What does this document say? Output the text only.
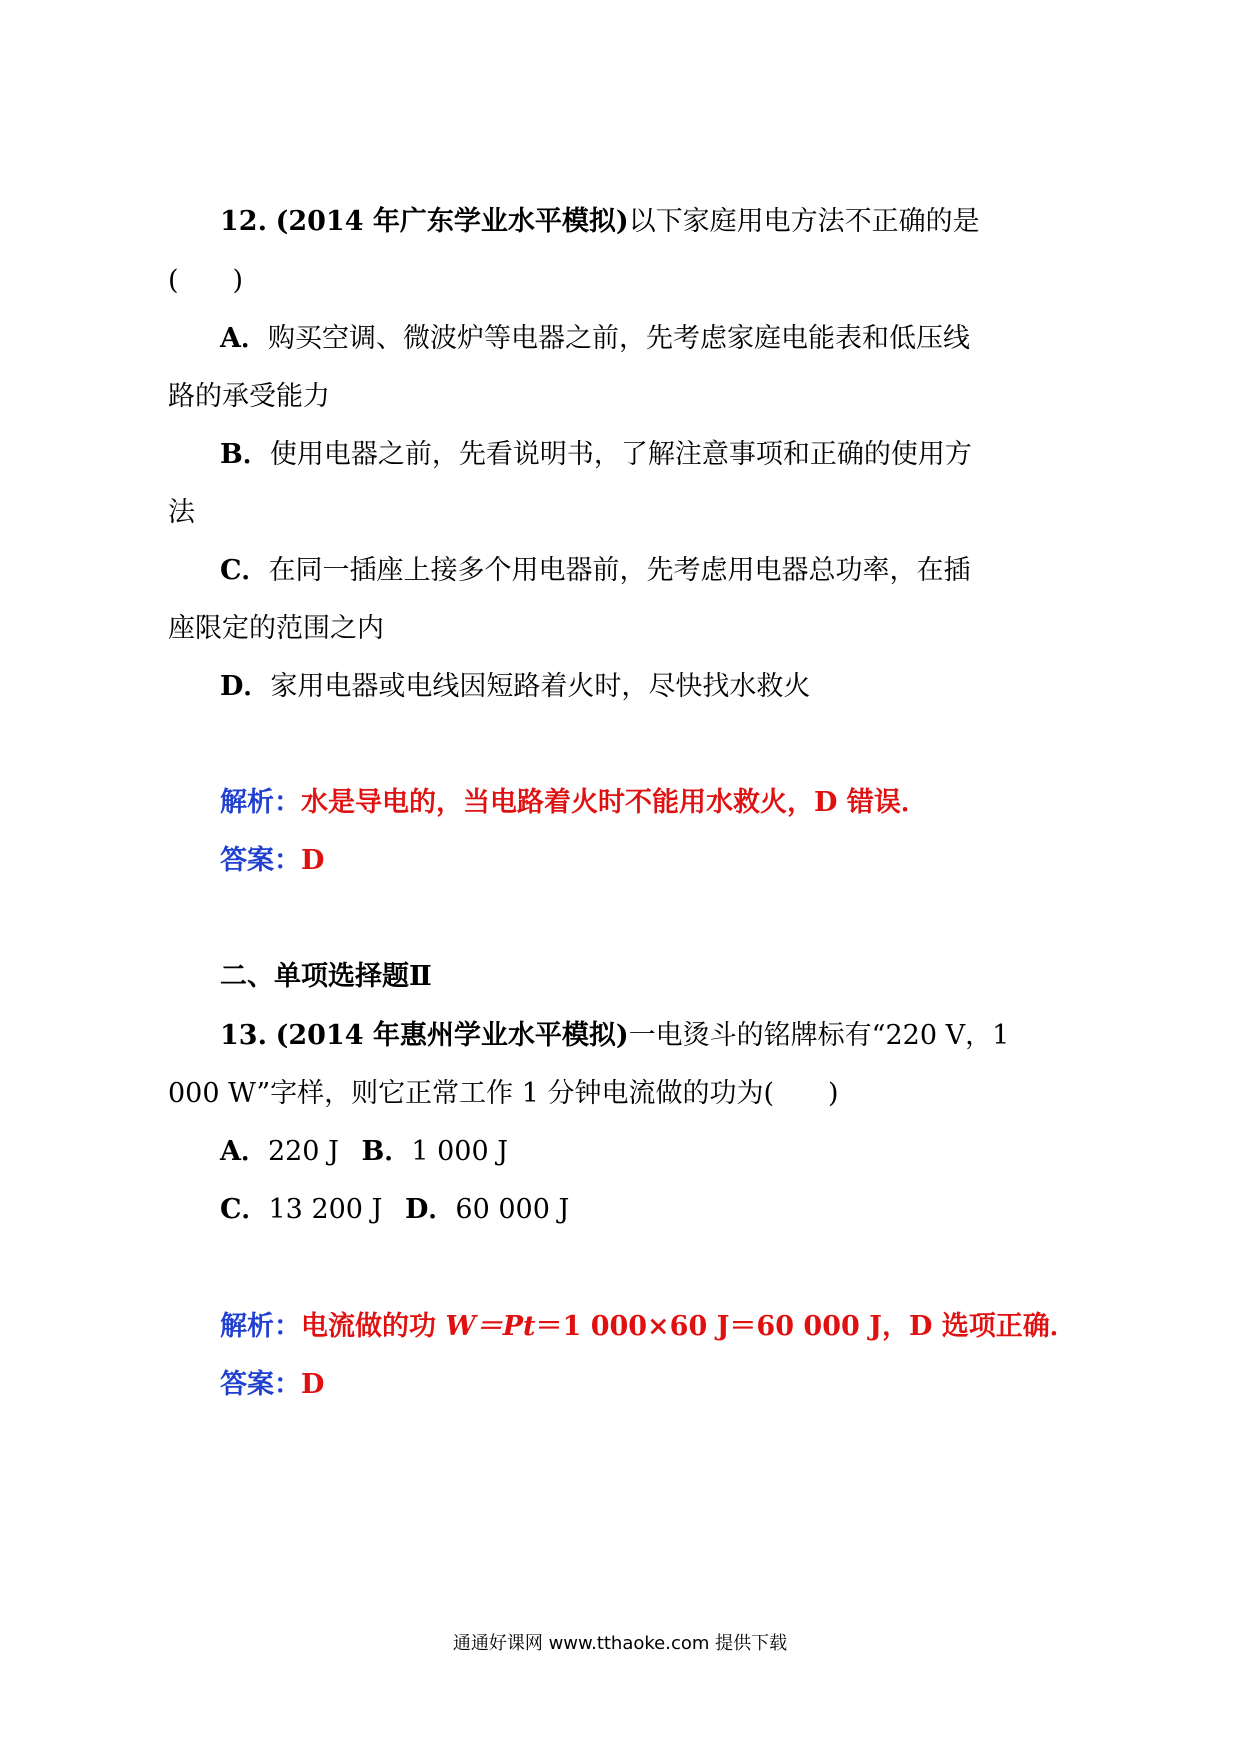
12. (2014 年广东学业水平模拟)以下家庭用电方法不正确的是
(　　)
A．购买空调、微波炉等电器之前，先考虑家庭电能表和低压线
路的承受能力
B．使用电器之前，先看说明书，了解注意事项和正确的使用方
法
C．在同一插座上接多个用电器前，先考虑用电器总功率，在插
座限定的范围之内
D．家用电器或电线因短路着火时，尽快找水救火
解析：水是导电的，当电路着火时不能用水救火，D 错误．
答案：D
二、单项选择题Ⅱ
13. (2014 年惠州学业水平模拟)一电烫斗的铭牌标有“220 V，1
000 W”字样，则它正常工作 1 分钟电流做的功为(　　)
A．220 J B．1 000 J
C．13 200 J D．60 000 J
解析：电流做的功 W＝Pt＝1 000×60 J＝60 000 J，D 选项正确．
答案：D
通通好课网 www.tthaoke.com 提供下载
